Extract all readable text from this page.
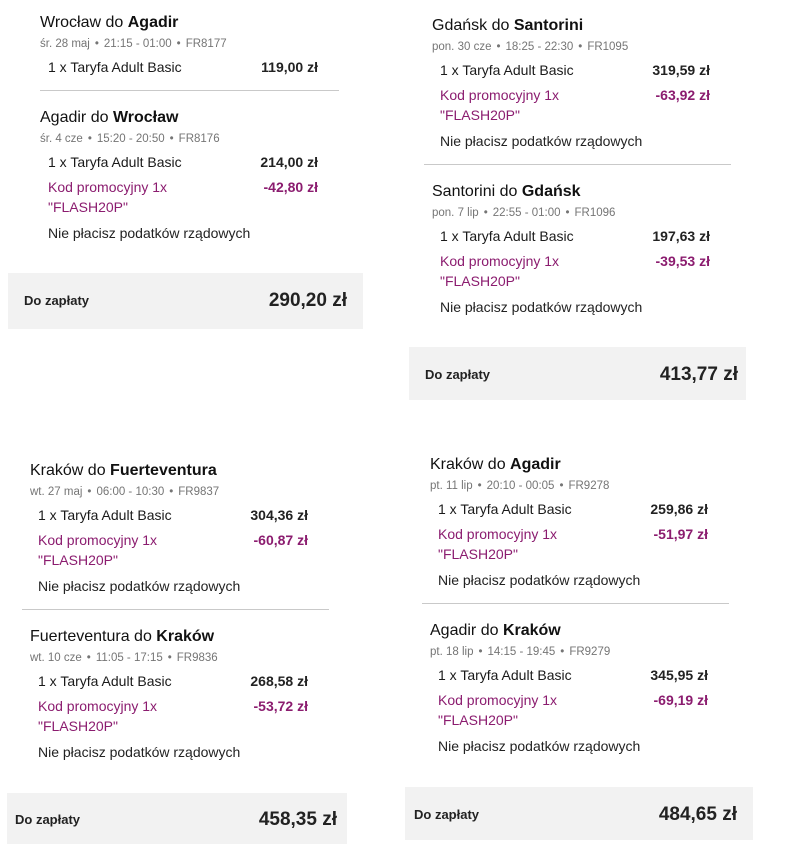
Wrocław do Agadir
śr. 28 maj • 21:15 - 01:00 • FR8177
1 x Taryfa Adult Basic	119,00 zł
Agadir do Wrocław
śr. 4 cze • 15:20 - 20:50 • FR8176
1 x Taryfa Adult Basic	214,00 zł
Kod promocyjny 1x
"FLASH20P"
-42,80 zł
Nie płacisz podatków rządowych
Do zapłaty	290,20 zł
Gdańsk do Santorini
pon. 30 cze • 18:25 - 22:30 • FR1095
1 x Taryfa Adult Basic	319,59 zł
Kod promocyjny 1x
"FLASH20P"
-63,92 zł
Nie płacisz podatków rządowych
Santorini do Gdańsk
pon. 7 lip • 22:55 - 01:00 • FR1096
1 x Taryfa Adult Basic	197,63 zł
Kod promocyjny 1x
"FLASH20P"
-39,53 zł
Nie płacisz podatków rządowych
Do zapłaty	413,77 zł
Kraków do Fuerteventura
wt. 27 maj • 06:00 - 10:30 • FR9837
1 x Taryfa Adult Basic	304,36 zł
Kod promocyjny 1x
"FLASH20P"
-60,87 zł
Nie płacisz podatków rządowych
Fuerteventura do Kraków
wt. 10 cze • 11:05 - 17:15 • FR9836
1 x Taryfa Adult Basic	268,58 zł
Kod promocyjny 1x
"FLASH20P"
-53,72 zł
Nie płacisz podatków rządowych
Do zapłaty	458,35 zł
Kraków do Agadir
pt. 11 lip • 20:10 - 00:05 • FR9278
1 x Taryfa Adult Basic	259,86 zł
Kod promocyjny 1x
"FLASH20P"
-51,97 zł
Nie płacisz podatków rządowych
Agadir do Kraków
pt. 18 lip • 14:15 - 19:45 • FR9279
1 x Taryfa Adult Basic	345,95 zł
Kod promocyjny 1x
"FLASH20P"
-69,19 zł
Nie płacisz podatków rządowych
Do zapłaty	484,65 zł
